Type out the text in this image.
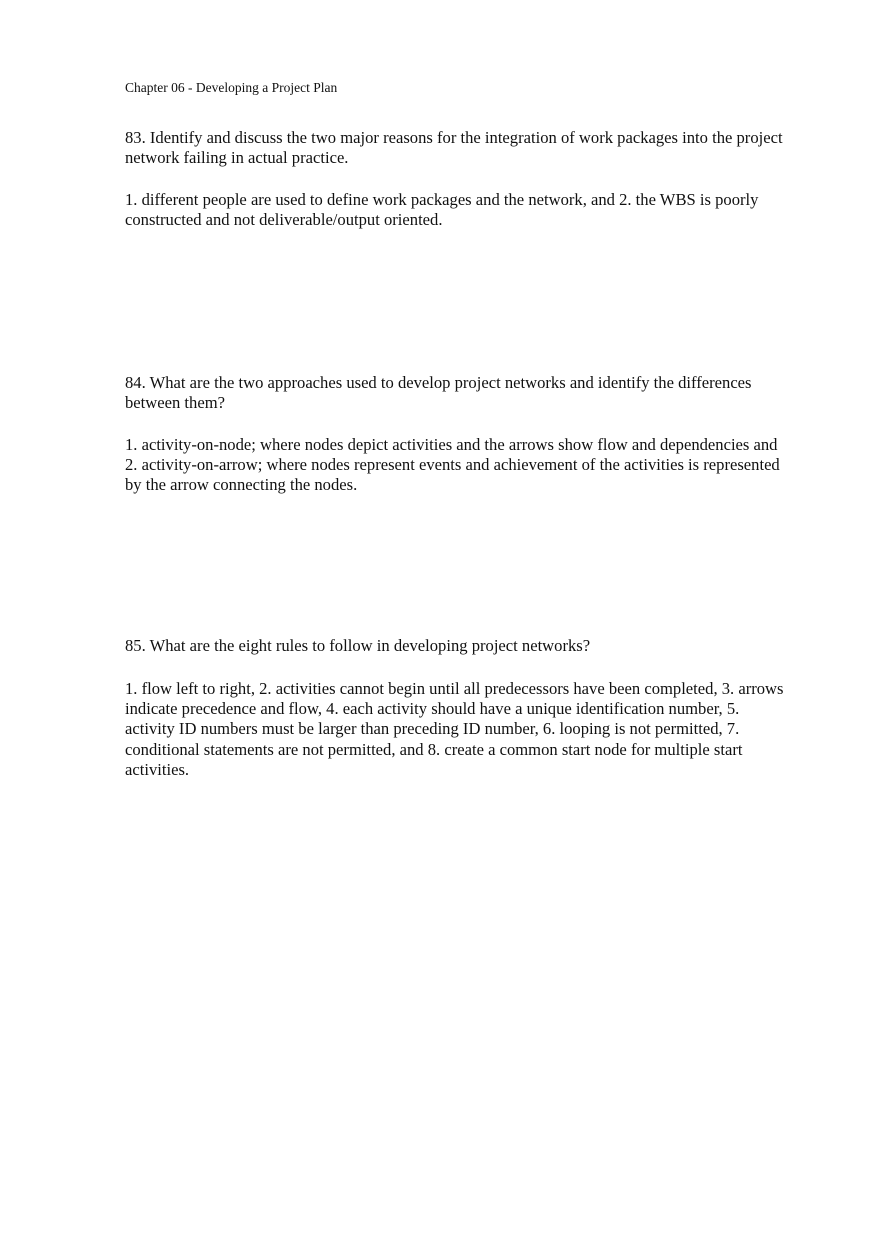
Chapter 06 - Developing a Project Plan
83. Identify and discuss the two major reasons for the integration of work packages into the project network failing in actual practice.
1. different people are used to define work packages and the network, and 2. the WBS is poorly constructed and not deliverable/output oriented.
84. What are the two approaches used to develop project networks and identify the differences between them?
1. activity-on-node; where nodes depict activities and the arrows show flow and dependencies and 2. activity-on-arrow; where nodes represent events and achievement of the activities is represented by the arrow connecting the nodes.
85. What are the eight rules to follow in developing project networks?
1. flow left to right, 2. activities cannot begin until all predecessors have been completed, 3. arrows indicate precedence and flow, 4. each activity should have a unique identification number, 5. activity ID numbers must be larger than preceding ID number, 6. looping is not permitted, 7. conditional statements are not permitted, and 8. create a common start node for multiple start activities.
